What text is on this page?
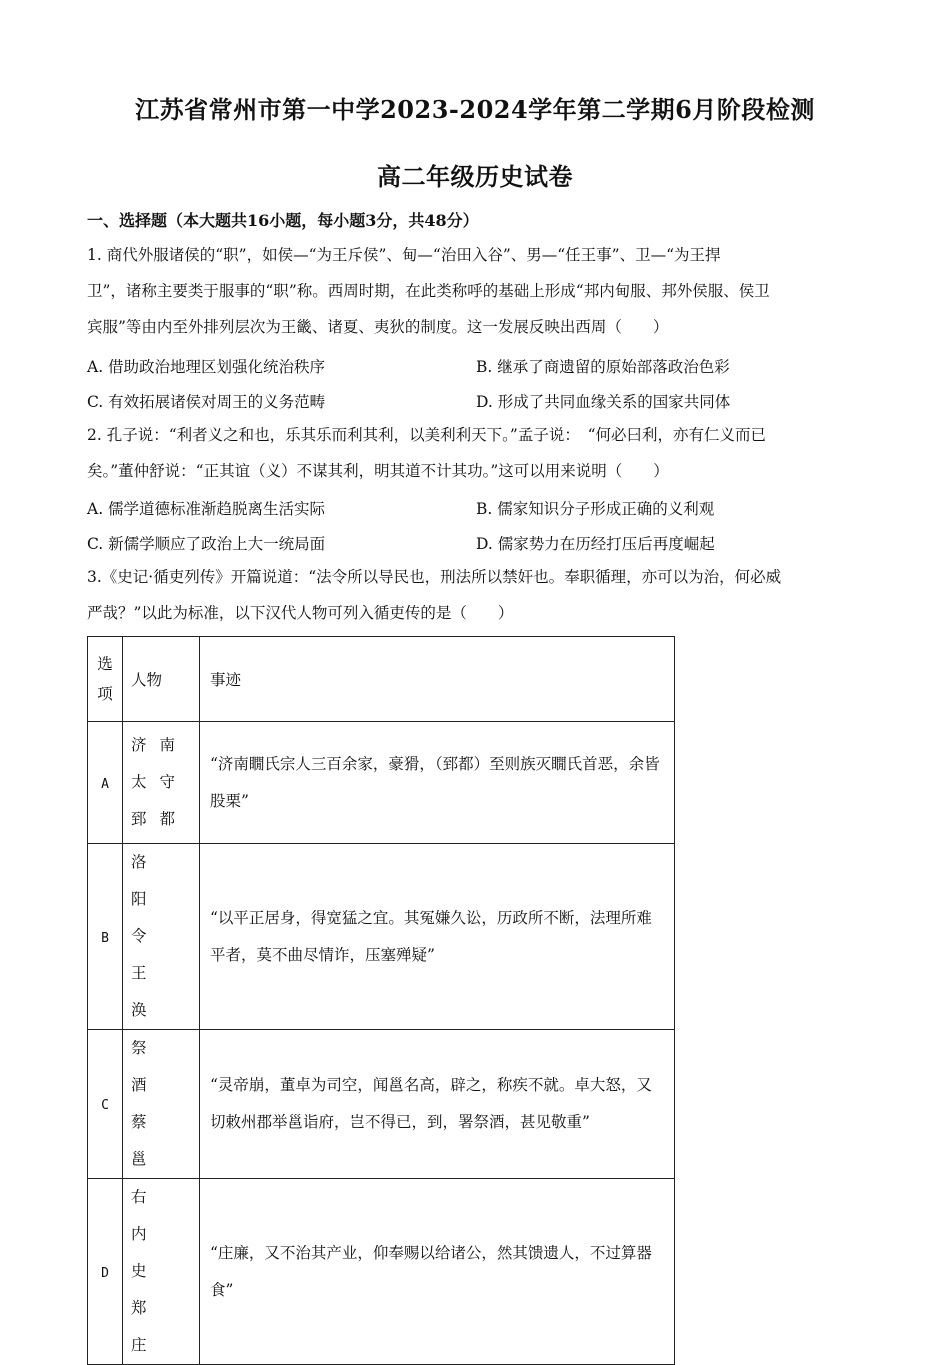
江苏省常州市第一中学2023-2024学年第二学期6月阶段检测
高二年级历史试卷
一、选择题（本大题共16小题，每小题3分，共48分）
1. 商代外服诸侯的“职”，如侯—“为王斥侯”、甸—“治田入谷”、男—“任王事”、卫—“为王捍
卫”，诸称主要类于服事的“职”称。西周时期，在此类称呼的基础上形成“邦内甸服、邦外侯服、侯卫
宾服”等由内至外排列层次为王畿、诸夏、夷狄的制度。这一发展反映出西周（　　）
A. 借助政治地理区划强化统治秩序	B. 继承了商遗留的原始部落政治色彩
C. 有效拓展诸侯对周王的义务范畴	D. 形成了共同血缘关系的国家共同体
2. 孔子说：“利者义之和也，乐其乐而利其利，以美利利天下。”孟子说：　“何必曰利，亦有仁义而已
矣。”董仲舒说：“正其谊（义）不谋其利，明其道不计其功。”这可以用来说明（　　）
A. 儒学道德标准渐趋脱离生活实际	B. 儒家知识分子形成正确的义利观
C. 新儒学顺应了政治上大一统局面	D. 儒家势力在历经打压后再度崛起
3.《史记·循吏列传》开篇说道：“法令所以导民也，刑法所以禁奸也。奉职循理，亦可以为治，何必威
严哉？”以此为标准，以下汉代人物可列入循吏传的是（　　）
选项	人物	事迹
A	济南太守郅都	“济南瞯氏宗人三百余家，豪猾，（郅都）至则族灭瞯氏首恶，余皆股栗”

B	洛阳令王涣	“以平正居身，得宽猛之宜。其冤嫌久讼，历政所不断，法理所难平者，莫不曲尽情诈，压塞殚疑”

C	祭酒蔡邕	“灵帝崩，董卓为司空，闻邕名高，辟之，称疾不就。卓大怒，又切敕州郡举邕诣府，岂不得已，到，署祭酒，甚见敬重”

D	右内史郑庄	“庄廉，又不治其产业，仰奉赐以给诸公，然其馈遗人，不过算器食”
